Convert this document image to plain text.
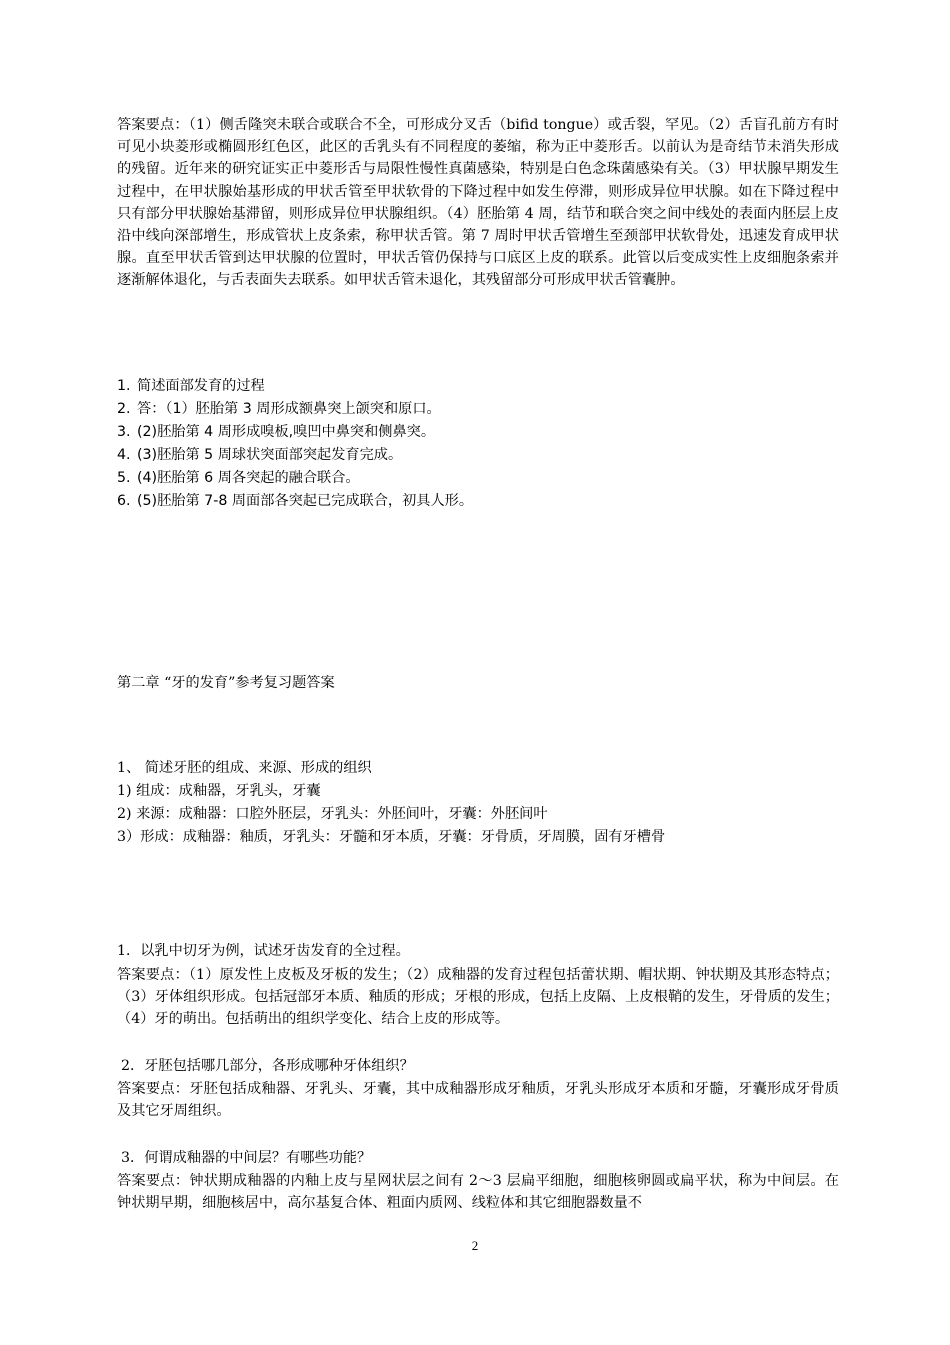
答案要点：（1）侧舌隆突未联合或联合不全，可形成分叉舌（bifid tongue）或舌裂，罕见。（2）舌盲孔前方有时可见小块菱形或椭圆形红色区，此区的舌乳头有不同程度的萎缩，称为正中菱形舌。以前认为是奇结节未消失形成的残留。近年来的研究证实正中菱形舌与局限性慢性真菌感染，特别是白色念珠菌感染有关。（3）甲状腺早期发生过程中，在甲状腺始基形成的甲状舌管至甲状软骨的下降过程中如发生停滞，则形成异位甲状腺。如在下降过程中只有部分甲状腺始基滞留，则形成异位甲状腺组织。（4）胚胎第 4 周，结节和联合突之间中线处的表面内胚层上皮沿中线向深部增生，形成管状上皮条索，称甲状舌管。第 7 周时甲状舌管增生至颈部甲状软骨处，迅速发育成甲状腺。直至甲状舌管到达甲状腺的位置时，甲状舌管仍保持与口底区上皮的联系。此管以后变成实性上皮细胞条索并逐渐解体退化，与舌表面失去联系。如甲状舌管未退化，其残留部分可形成甲状舌管囊肿。

1. 简述面部发育的过程

2. 答：（1）胚胎第 3 周形成额鼻突上颌突和原口。

3. (2)胚胎第 4 周形成嗅板,嗅凹中鼻突和侧鼻突。

4. (3)胚胎第 5 周球状突面部突起发育完成。

5. (4)胚胎第 6 周各突起的融合联合。

6. (5)胚胎第 7-8 周面部各突起已完成联合，初具人形。

第二章 “牙的发育”参考复习题答案

1、 简述牙胚的组成、来源、形成的组织

1) 组成：成釉器，牙乳头，牙囊

2) 来源：成釉器：口腔外胚层，牙乳头：外胚间叶，牙囊：外胚间叶

3）形成：成釉器：釉质，牙乳头：牙髓和牙本质，牙囊：牙骨质，牙周膜，固有牙槽骨

1．以乳中切牙为例，试述牙齿发育的全过程。

答案要点：（1）原发性上皮板及牙板的发生；（2）成釉器的发育过程包括蕾状期、帽状期、钟状期及其形态特点；（3）牙体组织形成。包括冠部牙本质、釉质的形成；牙根的形成，包括上皮隔、上皮根鞘的发生，牙骨质的发生；（4）牙的萌出。包括萌出的组织学变化、结合上皮的形成等。

2．牙胚包括哪几部分，各形成哪种牙体组织？

答案要点：牙胚包括成釉器、牙乳头、牙囊，其中成釉器形成牙釉质，牙乳头形成牙本质和牙髓，牙囊形成牙骨质及其它牙周组织。

3．何谓成釉器的中间层？有哪些功能？

答案要点：钟状期成釉器的内釉上皮与星网状层之间有 2～3 层扁平细胞，细胞核卵圆或扁平状，称为中间层。在钟状期早期，细胞核居中，高尔基复合体、粗面内质网、线粒体和其它细胞器数量不

2
